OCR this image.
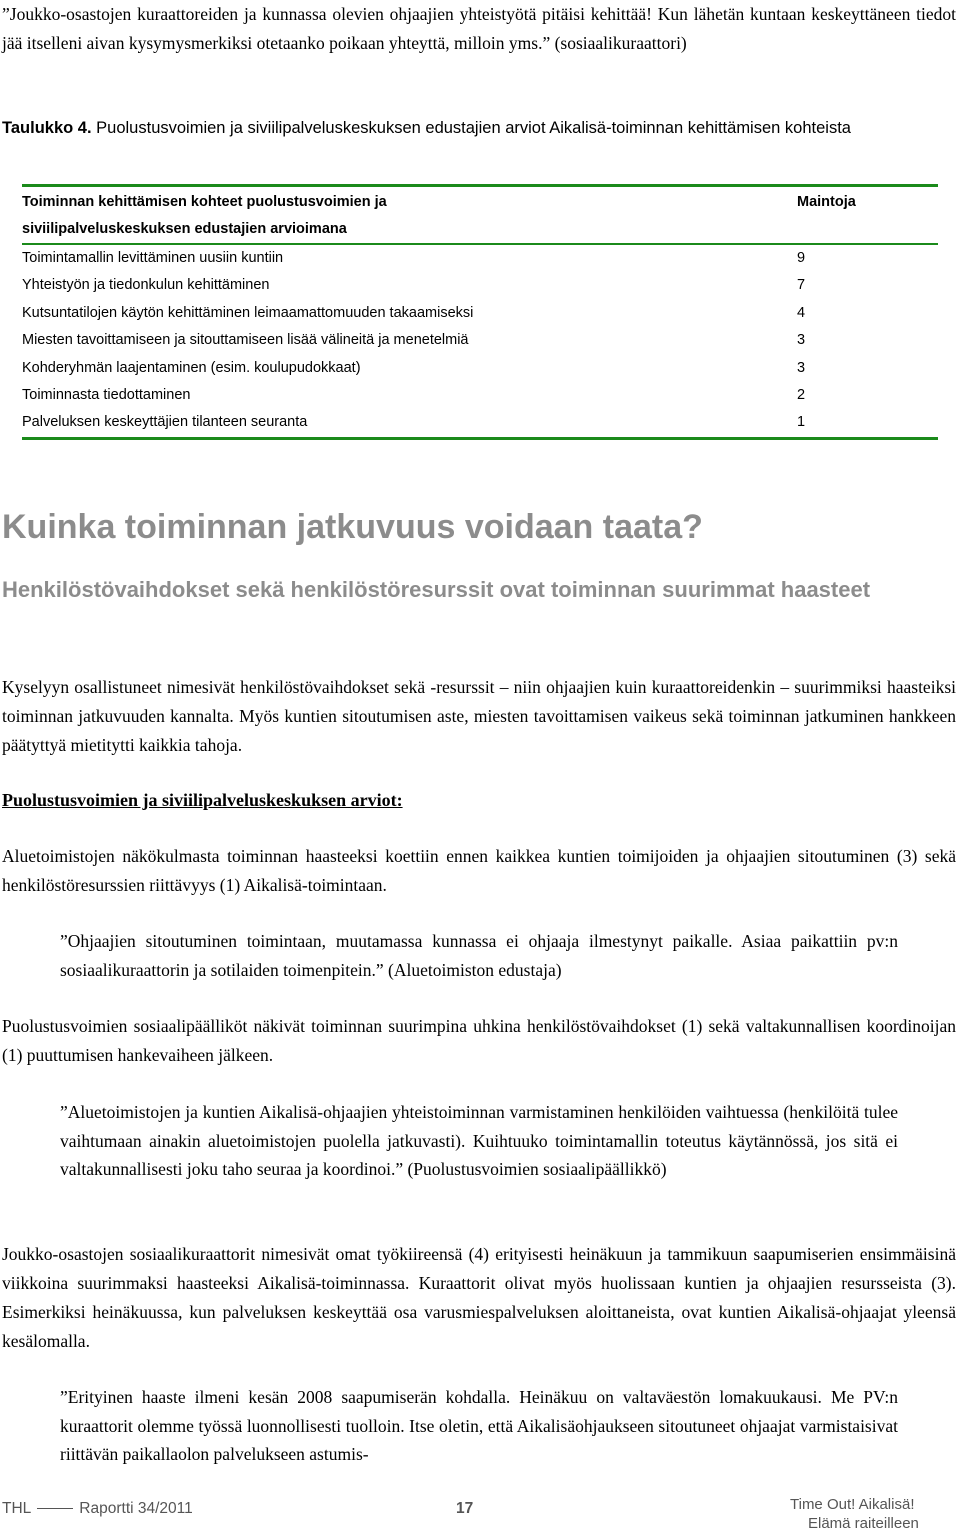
”Joukko-osastojen kuraattoreiden ja kunnassa olevien ohjaajien yhteistyötä pitäisi kehittää! Kun lähetän kuntaan keskeyttäneen tiedot jää itselleni aivan kysymysmerkiksi otetaanko poikaan yhteyttä, milloin yms.” (sosiaalikuraattori)
Taulukko 4. Puolustusvoimien ja siviilipalveluskeskuksen edustajien arviot Aikalisä-toiminnan kehittämisen kohteista
Toiminnan kehittämisen kohteet puolustusvoimien ja
siviilipalveluskeskuksen edustajien arvioimana
	Maintoja
Toimintamallin levittäminen uusiin kuntiin	9
Yhteistyön ja tiedonkulun kehittäminen	7
Kutsuntatilojen käytön kehittäminen leimaamattomuuden takaamiseksi	4
Miesten tavoittamiseen ja sitouttamiseen lisää välineitä ja menetelmiä	3
Kohderyhmän laajentaminen (esim. koulupudokkaat)	3
Toiminnasta tiedottaminen	2
Palveluksen keskeyttäjien tilanteen seuranta	1
Kuinka toiminnan jatkuvuus voidaan taata?
Henkilöstövaihdokset sekä henkilöstöresurssit ovat toiminnan suurimmat haasteet
Kyselyyn osallistuneet nimesivät henkilöstövaihdokset sekä -resurssit – niin ohjaajien kuin kuraattoreidenkin – suurimmiksi haasteiksi toiminnan jatkuvuuden kannalta. Myös kuntien sitoutumisen aste, miesten tavoittamisen vaikeus sekä toiminnan jatkuminen hankkeen päätyttyä mietitytti kaikkia tahoja.
Puolustusvoimien ja siviilipalveluskeskuksen arviot:
Aluetoimistojen näkökulmasta toiminnan haasteeksi koettiin ennen kaikkea kuntien toimijoiden ja ohjaajien sitoutuminen (3) sekä henkilöstöresurssien riittävyys (1) Aikalisä-toimintaan.
”Ohjaajien sitoutuminen toimintaan, muutamassa kunnassa ei ohjaaja ilmestynyt paikalle. Asiaa paikattiin pv:n sosiaalikuraattorin ja sotilaiden toimenpitein.” (Aluetoimiston edustaja)
Puolustusvoimien sosiaalipäälliköt näkivät toiminnan suurimpina uhkina henkilöstövaihdokset (1) sekä valtakunnallisen koordinoijan (1) puuttumisen hankevaiheen jälkeen.
”Aluetoimistojen ja kuntien Aikalisä-ohjaajien yhteistoiminnan varmistaminen henkilöiden vaihtuessa (henkilöitä tulee vaihtumaan ainakin aluetoimistojen puolella jatkuvasti). Kuihtuuko toimintamallin toteutus käytännössä, jos sitä ei valtakunnallisesti joku taho seuraa ja koordinoi.” (Puolustusvoimien sosiaalipäällikkö)
Joukko-osastojen sosiaalikuraattorit nimesivät omat työkiireensä (4) erityisesti heinäkuun ja tammikuun saapumiserien ensimmäisinä viikkoina suurimmaksi haasteeksi Aikalisä-toiminnassa. Kuraattorit olivat myös huolissaan kuntien ja ohjaajien resursseista (3). Esimerkiksi heinäkuussa, kun palveluksen keskeyttää osa varusmiespalveluksen aloittaneista, ovat kuntien Aikalisä-ohjaajat yleensä kesälomalla.
”Erityinen haaste ilmeni kesän 2008 saapumiserän kohdalla. Heinäkuu on valtaväestön lomakuukausi. Me PV:n kuraattorit olemme työssä luonnollisesti tuolloin. Itse oletin, että Aikalisäohjaukseen sitoutuneet ohjaajat varmistaisivat riittävän paikallaolon palvelukseen astumis-
THL	Raportti 34/2011	17	Time Out! Aikalisä!
Elämä raiteilleen
